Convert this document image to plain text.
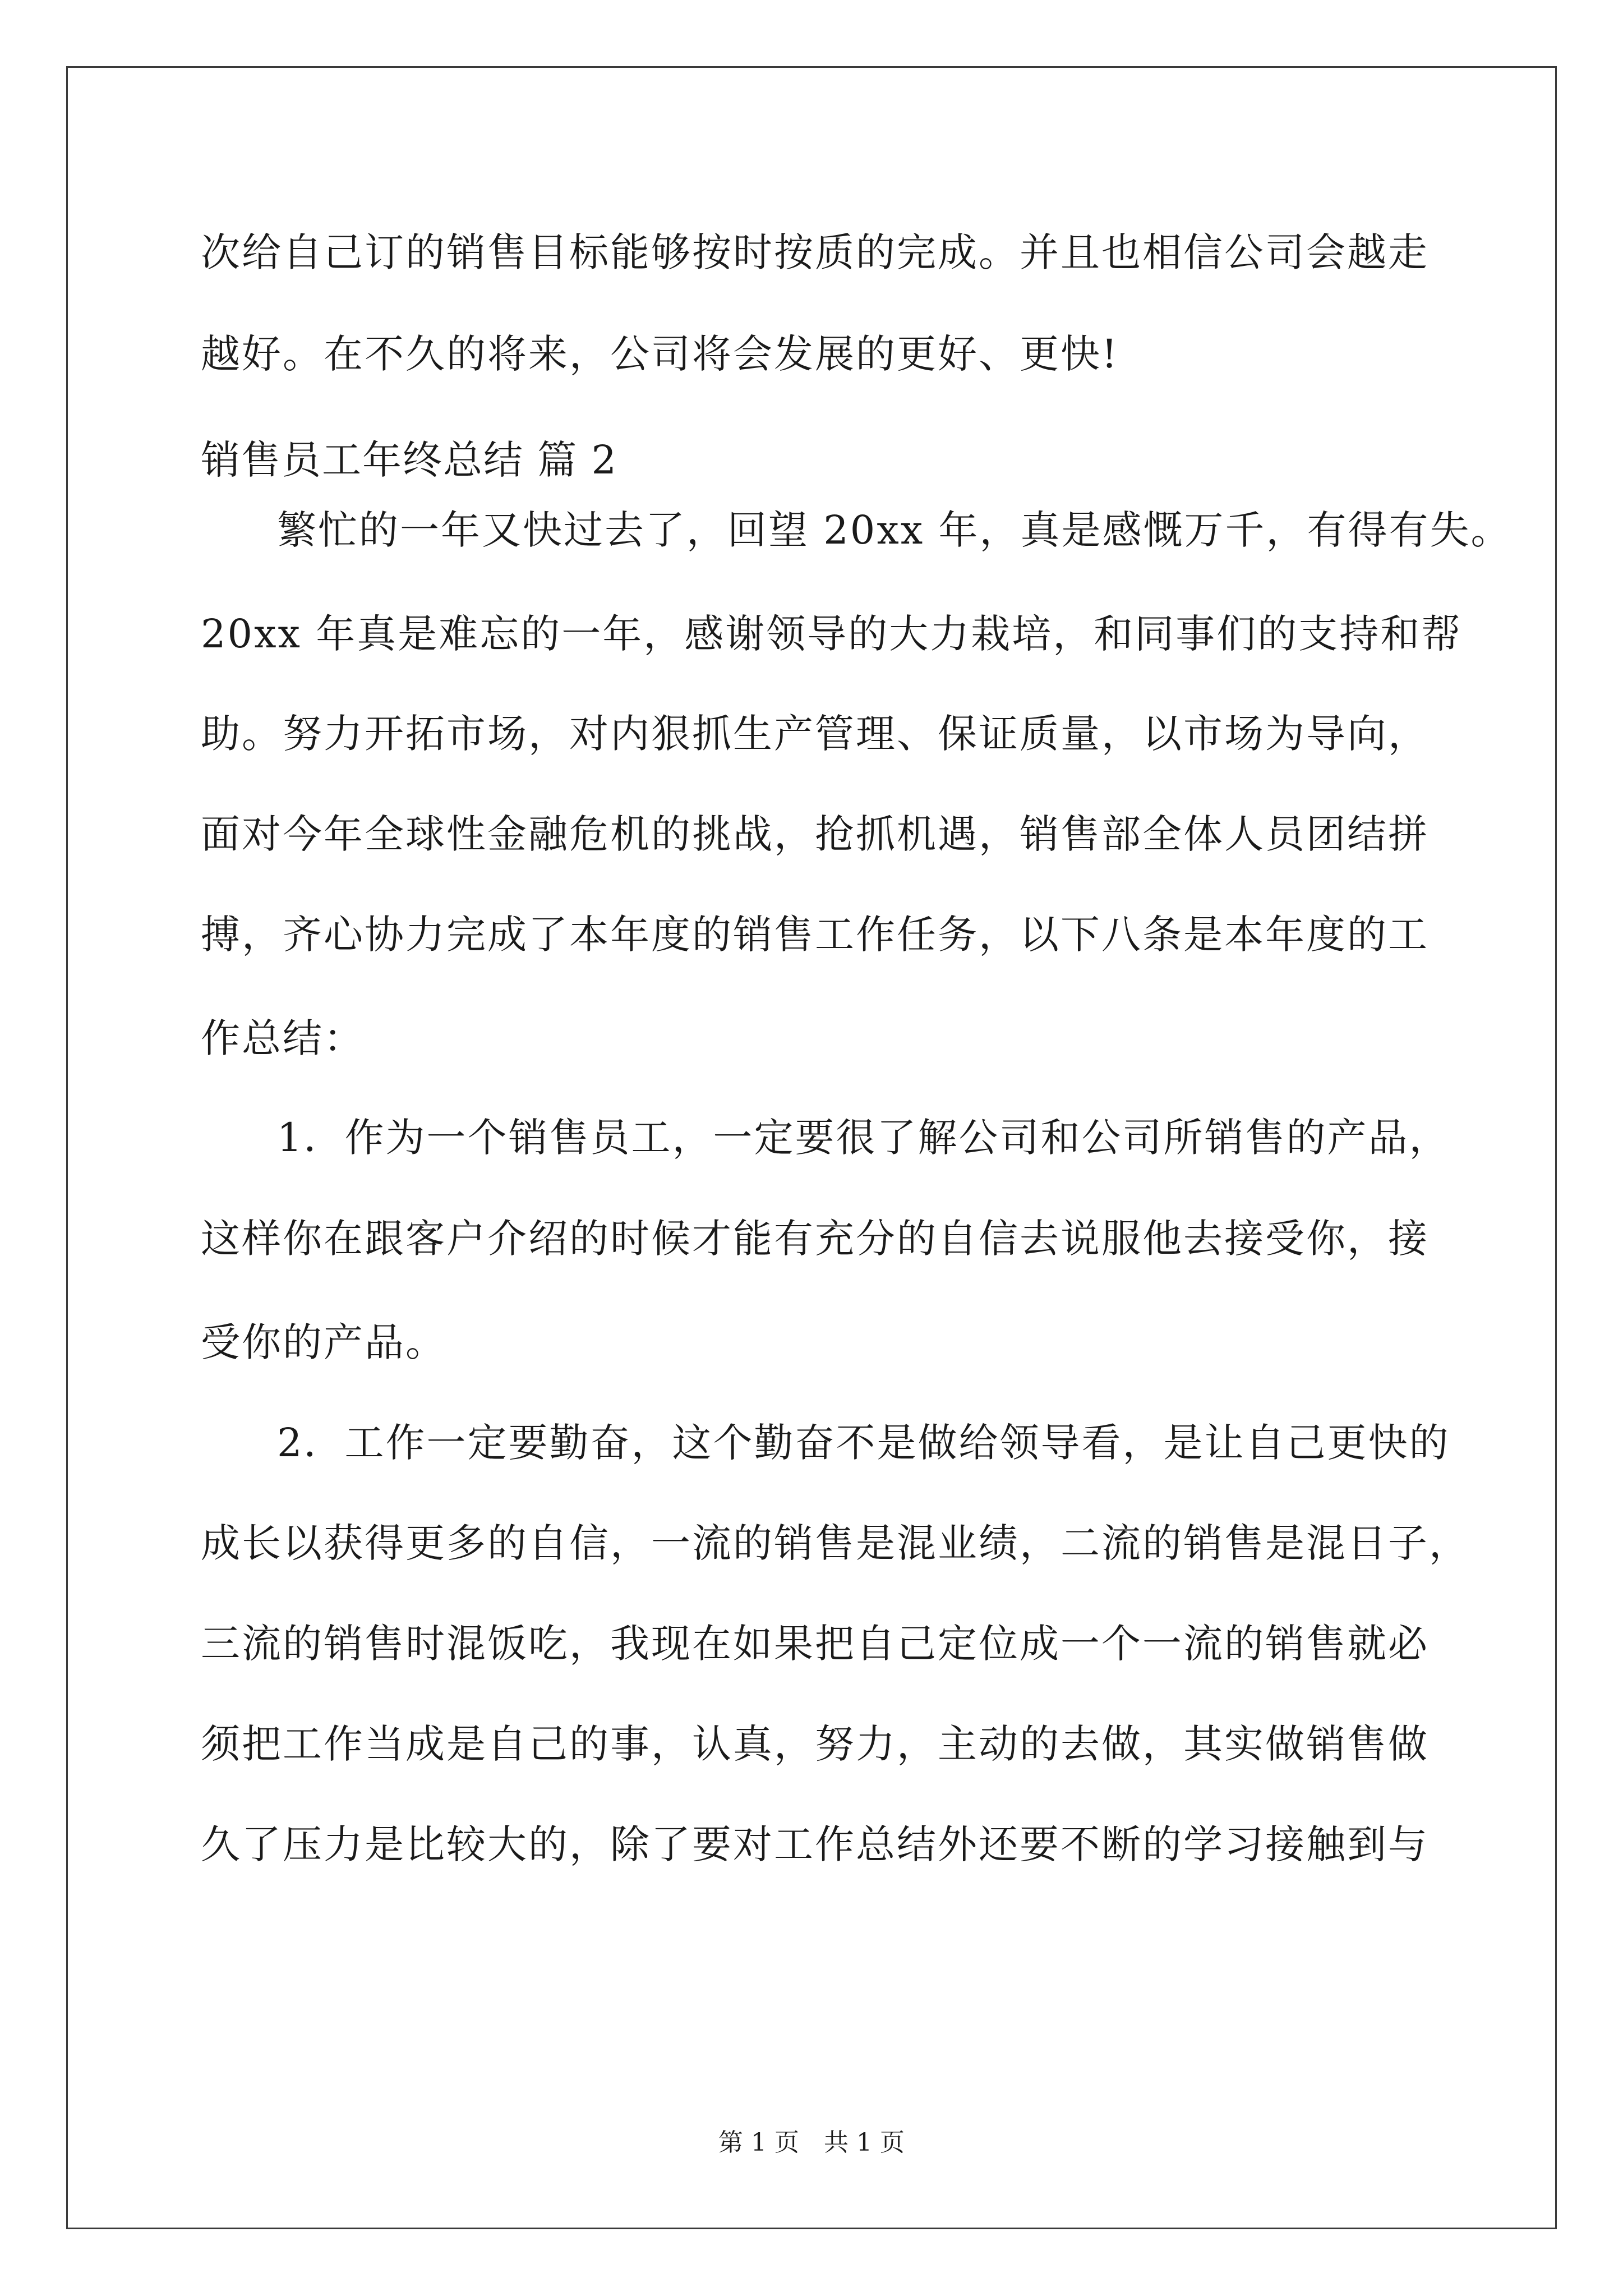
次给自己订的销售目标能够按时按质的完成。并且也相信公司会越走
越好。在不久的将来，公司将会发展的更好、更快!
销售员工年终总结 篇 2
繁忙的一年又快过去了，回望 20xx 年，真是感慨万千，有得有失。
20xx 年真是难忘的一年，感谢领导的大力栽培，和同事们的支持和帮
助。努力开拓市场，对内狠抓生产管理、保证质量，以市场为导向，
面对今年全球性金融危机的挑战，抢抓机遇，销售部全体人员团结拼
搏，齐心协力完成了本年度的销售工作任务，以下八条是本年度的工
作总结：
1．作为一个销售员工，一定要很了解公司和公司所销售的产品，
这样你在跟客户介绍的时候才能有充分的自信去说服他去接受你，接
受你的产品。
2．工作一定要勤奋，这个勤奋不是做给领导看，是让自己更快的
成长以获得更多的自信，一流的销售是混业绩，二流的销售是混日子，
三流的销售时混饭吃，我现在如果把自己定位成一个一流的销售就必
须把工作当成是自己的事，认真，努力，主动的去做，其实做销售做
久了压力是比较大的，除了要对工作总结外还要不断的学习接触到与
第 1 页　共 1 页
